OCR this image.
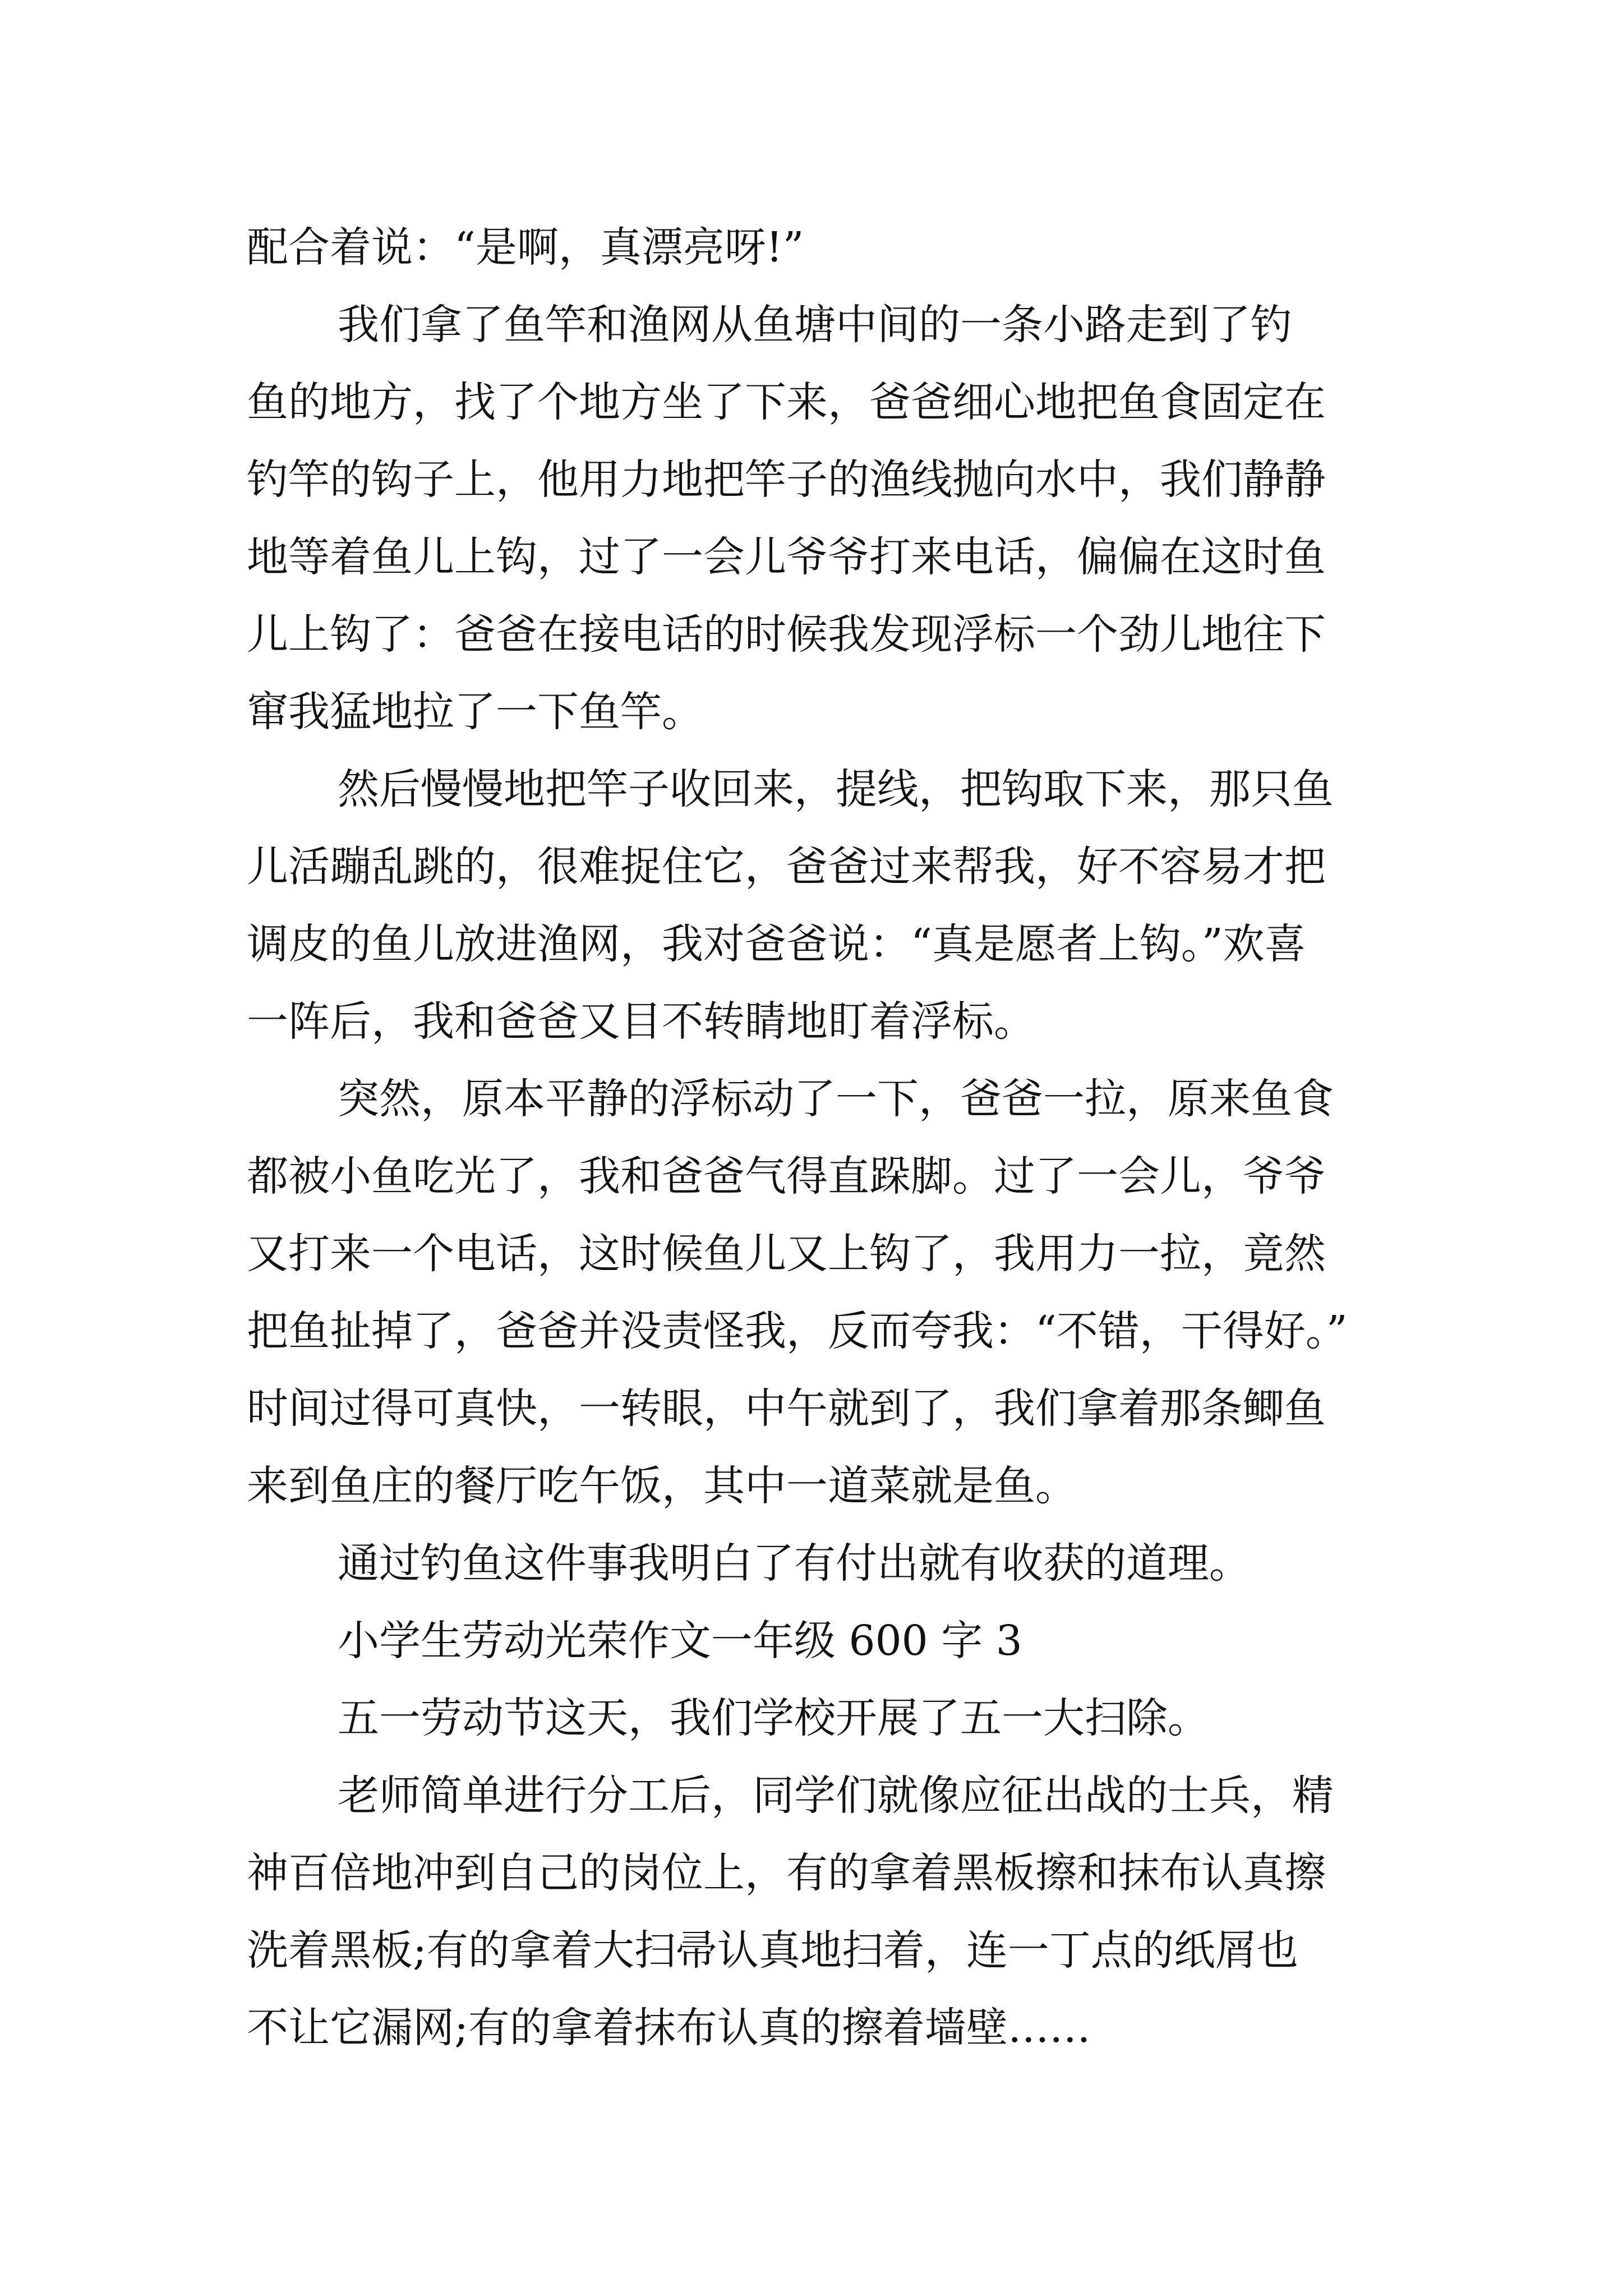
配合着说：“是啊，真漂亮呀!”
我们拿了鱼竿和渔网从鱼塘中间的一条小路走到了钓
鱼的地方，找了个地方坐了下来，爸爸细心地把鱼食固定在
钓竿的钩子上，他用力地把竿子的渔线抛向水中，我们静静
地等着鱼儿上钩，过了一会儿爷爷打来电话，偏偏在这时鱼
儿上钩了：爸爸在接电话的时候我发现浮标一个劲儿地往下
窜我猛地拉了一下鱼竿。
然后慢慢地把竿子收回来，提线，把钩取下来，那只鱼
儿活蹦乱跳的，很难捉住它，爸爸过来帮我，好不容易才把
调皮的鱼儿放进渔网，我对爸爸说：“真是愿者上钩。”欢喜
一阵后，我和爸爸又目不转睛地盯着浮标。
突然，原本平静的浮标动了一下，爸爸一拉，原来鱼食
都被小鱼吃光了，我和爸爸气得直跺脚。过了一会儿，爷爷
又打来一个电话，这时候鱼儿又上钩了，我用力一拉，竟然
把鱼扯掉了，爸爸并没责怪我，反而夸我：“不错，干得好。”
时间过得可真快，一转眼，中午就到了，我们拿着那条鲫鱼
来到鱼庄的餐厅吃午饭，其中一道菜就是鱼。
通过钓鱼这件事我明白了有付出就有收获的道理。
小学生劳动光荣作文一年级 600 字 3
五一劳动节这天，我们学校开展了五一大扫除。
老师简单进行分工后，同学们就像应征出战的士兵，精
神百倍地冲到自己的岗位上，有的拿着黑板擦和抹布认真擦
洗着黑板;有的拿着大扫帚认真地扫着，连一丁点的纸屑也
不让它漏网;有的拿着抹布认真的擦着墙壁……
